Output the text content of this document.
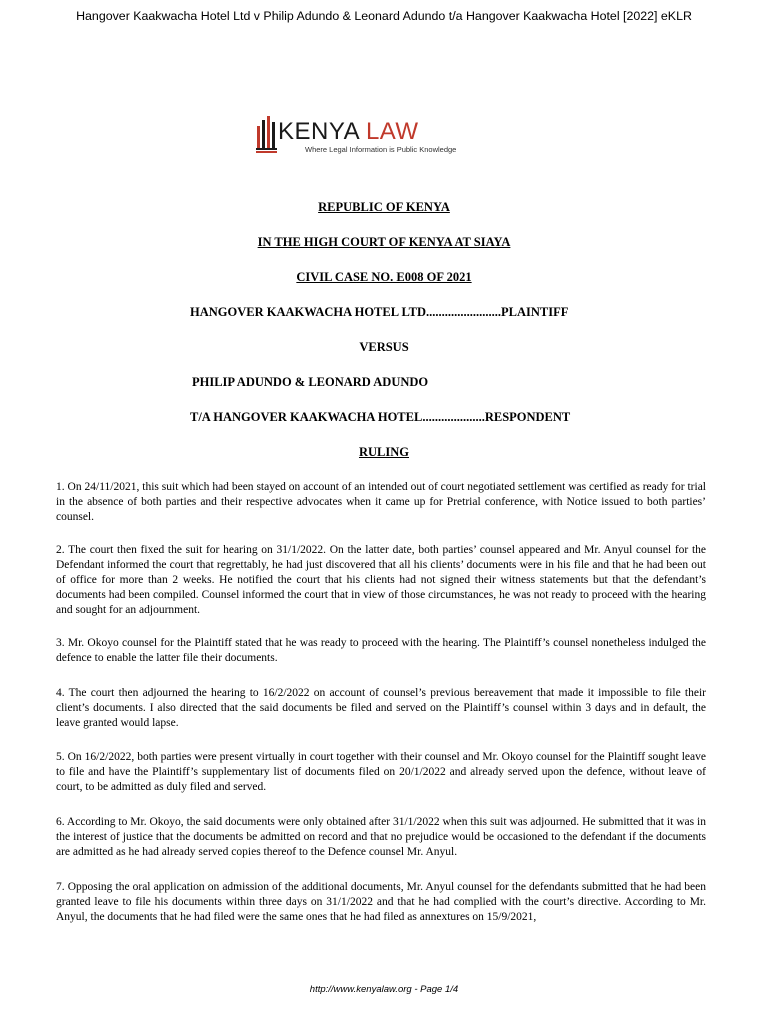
Hangover Kaakwacha Hotel Ltd v Philip Adundo & Leonard Adundo t/a Hangover Kaakwacha Hotel [2022] eKLR
KENYA LAW
Where Legal Information is Public Knowledge
REPUBLIC OF KENYA
IN THE HIGH COURT OF KENYA AT SIAYA
CIVIL CASE NO. E008 OF 2021
HANGOVER KAAKWACHA HOTEL LTD........................PLAINTIFF
VERSUS
PHILIP ADUNDO & LEONARD ADUNDO
T/A HANGOVER KAAKWACHA HOTEL....................RESPONDENT
RULING
1. On 24/11/2021, this suit which had been stayed on account of an intended out of court negotiated settlement was certified as ready for trial in the absence of both parties and their respective advocates when it came up for Pretrial conference, with Notice issued to both parties’ counsel.
2. The court then fixed the suit for hearing on 31/1/2022. On the latter date, both parties’ counsel appeared and Mr. Anyul counsel for the Defendant informed the court that regrettably, he had just discovered that all his clients’ documents were in his file and that he had been out of office for more than 2 weeks. He notified the court that his clients had not signed their witness statements but that the defendant’s documents had been compiled. Counsel informed the court that in view of those circumstances, he was not ready to proceed with the hearing and sought for an adjournment.
3. Mr. Okoyo counsel for the Plaintiff stated that he was ready to proceed with the hearing. The Plaintiff’s counsel nonetheless indulged the defence to enable the latter file their documents.
4. The court then adjourned the hearing to 16/2/2022 on account of counsel’s previous bereavement that made it impossible to file their client’s documents. I also directed that the said documents be filed and served on the Plaintiff’s counsel within 3 days and in default, the leave granted would lapse.
5. On 16/2/2022, both parties were present virtually in court together with their counsel and Mr. Okoyo counsel for the Plaintiff sought leave to file and have the Plaintiff’s supplementary list of documents filed on 20/1/2022 and already served upon the defence, without leave of court, to be admitted as duly filed and served.
6. According to Mr. Okoyo, the said documents were only obtained after 31/1/2022 when this suit was adjourned. He submitted that it was in the interest of justice that the documents be admitted on record and that no prejudice would be occasioned to the defendant if the documents are admitted as he had already served copies thereof to the Defence counsel Mr. Anyul.
7. Opposing the oral application on admission of the additional documents, Mr. Anyul counsel for the defendants submitted that he had been granted leave to file his documents within three days on 31/1/2022 and that he had complied with the court’s directive. According to Mr. Anyul, the documents that he had filed were the same ones that he had filed as annextures on 15/9/2021,
http://www.kenyalaw.org - Page 1/4
